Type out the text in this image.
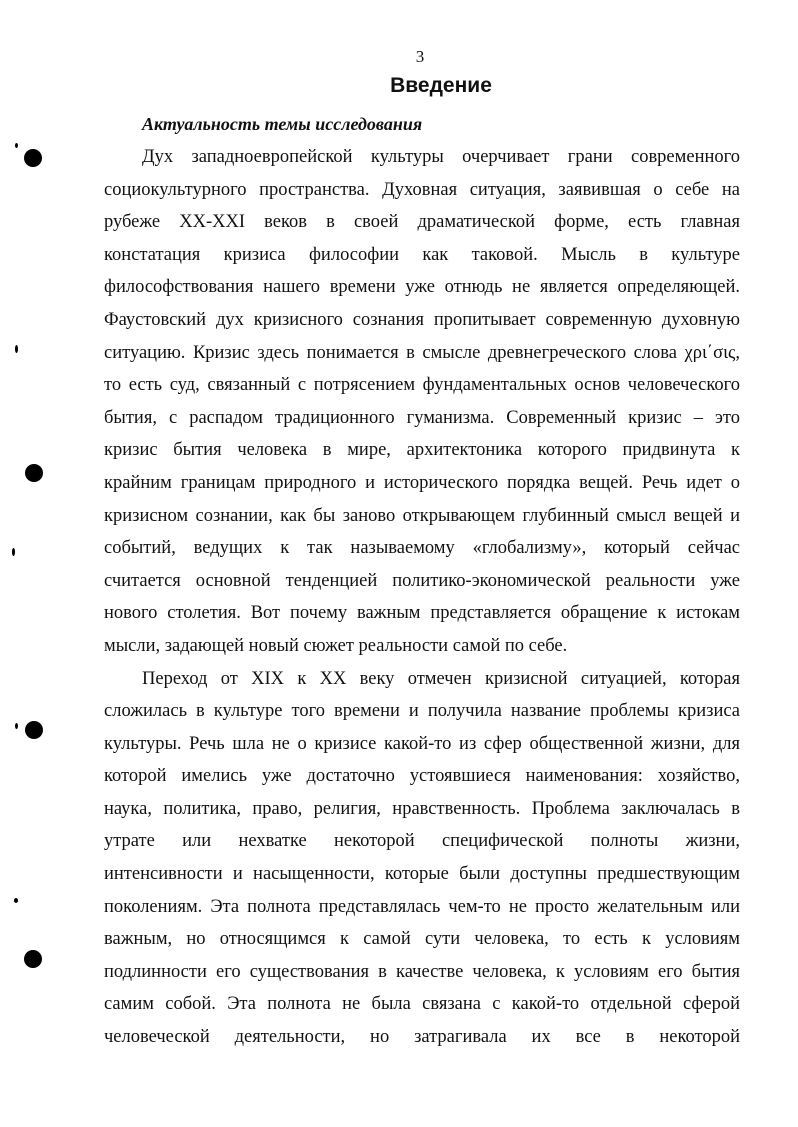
3
Введение
Актуальность темы исследования
Дух западноевропейской культуры очерчивает грани современного
социокультурного пространства. Духовная ситуация, заявившая о себе на
рубеже XX-XXI веков в своей драматической форме, есть главная
констатация кризиса философии как таковой. Мысль в культуре
философствования нашего времени уже отнюдь не является определяющей.
Фаустовский дух кризисного сознания пропитывает современную духовную
ситуацию. Кризис здесь понимается в смысле древнегреческого слова χρι΄σις,
то есть суд, связанный с потрясением фундаментальных основ человеческого
бытия, с распадом традиционного гуманизма. Современный кризис – это
кризис бытия человека в мире, архитектоника которого придвинута к
крайним границам природного и исторического порядка вещей. Речь идет о
кризисном сознании, как бы заново открывающем глубинный смысл вещей и
событий, ведущих к так называемому «глобализму», который сейчас
считается основной тенденцией политико-экономической реальности уже
нового столетия. Вот почему важным представляется обращение к истокам
мысли, задающей новый сюжет реальности самой по себе.
Переход от XIX к XX веку отмечен кризисной ситуацией, которая
сложилась в культуре того времени и получила название проблемы кризиса
культуры. Речь шла не о кризисе какой-то из сфер общественной жизни, для
которой имелись уже достаточно устоявшиеся наименования: хозяйство,
наука, политика, право, религия, нравственность. Проблема заключалась в
утрате или нехватке некоторой специфической полноты жизни,
интенсивности и насыщенности, которые были доступны предшествующим
поколениям. Эта полнота представлялась чем-то не просто желательным или
важным, но относящимся к самой сути человека, то есть к условиям
подлинности его существования в качестве человека, к условиям его бытия
самим собой. Эта полнота не была связана с какой-то отдельной сферой
человеческой деятельности, но затрагивала их все в некоторой
